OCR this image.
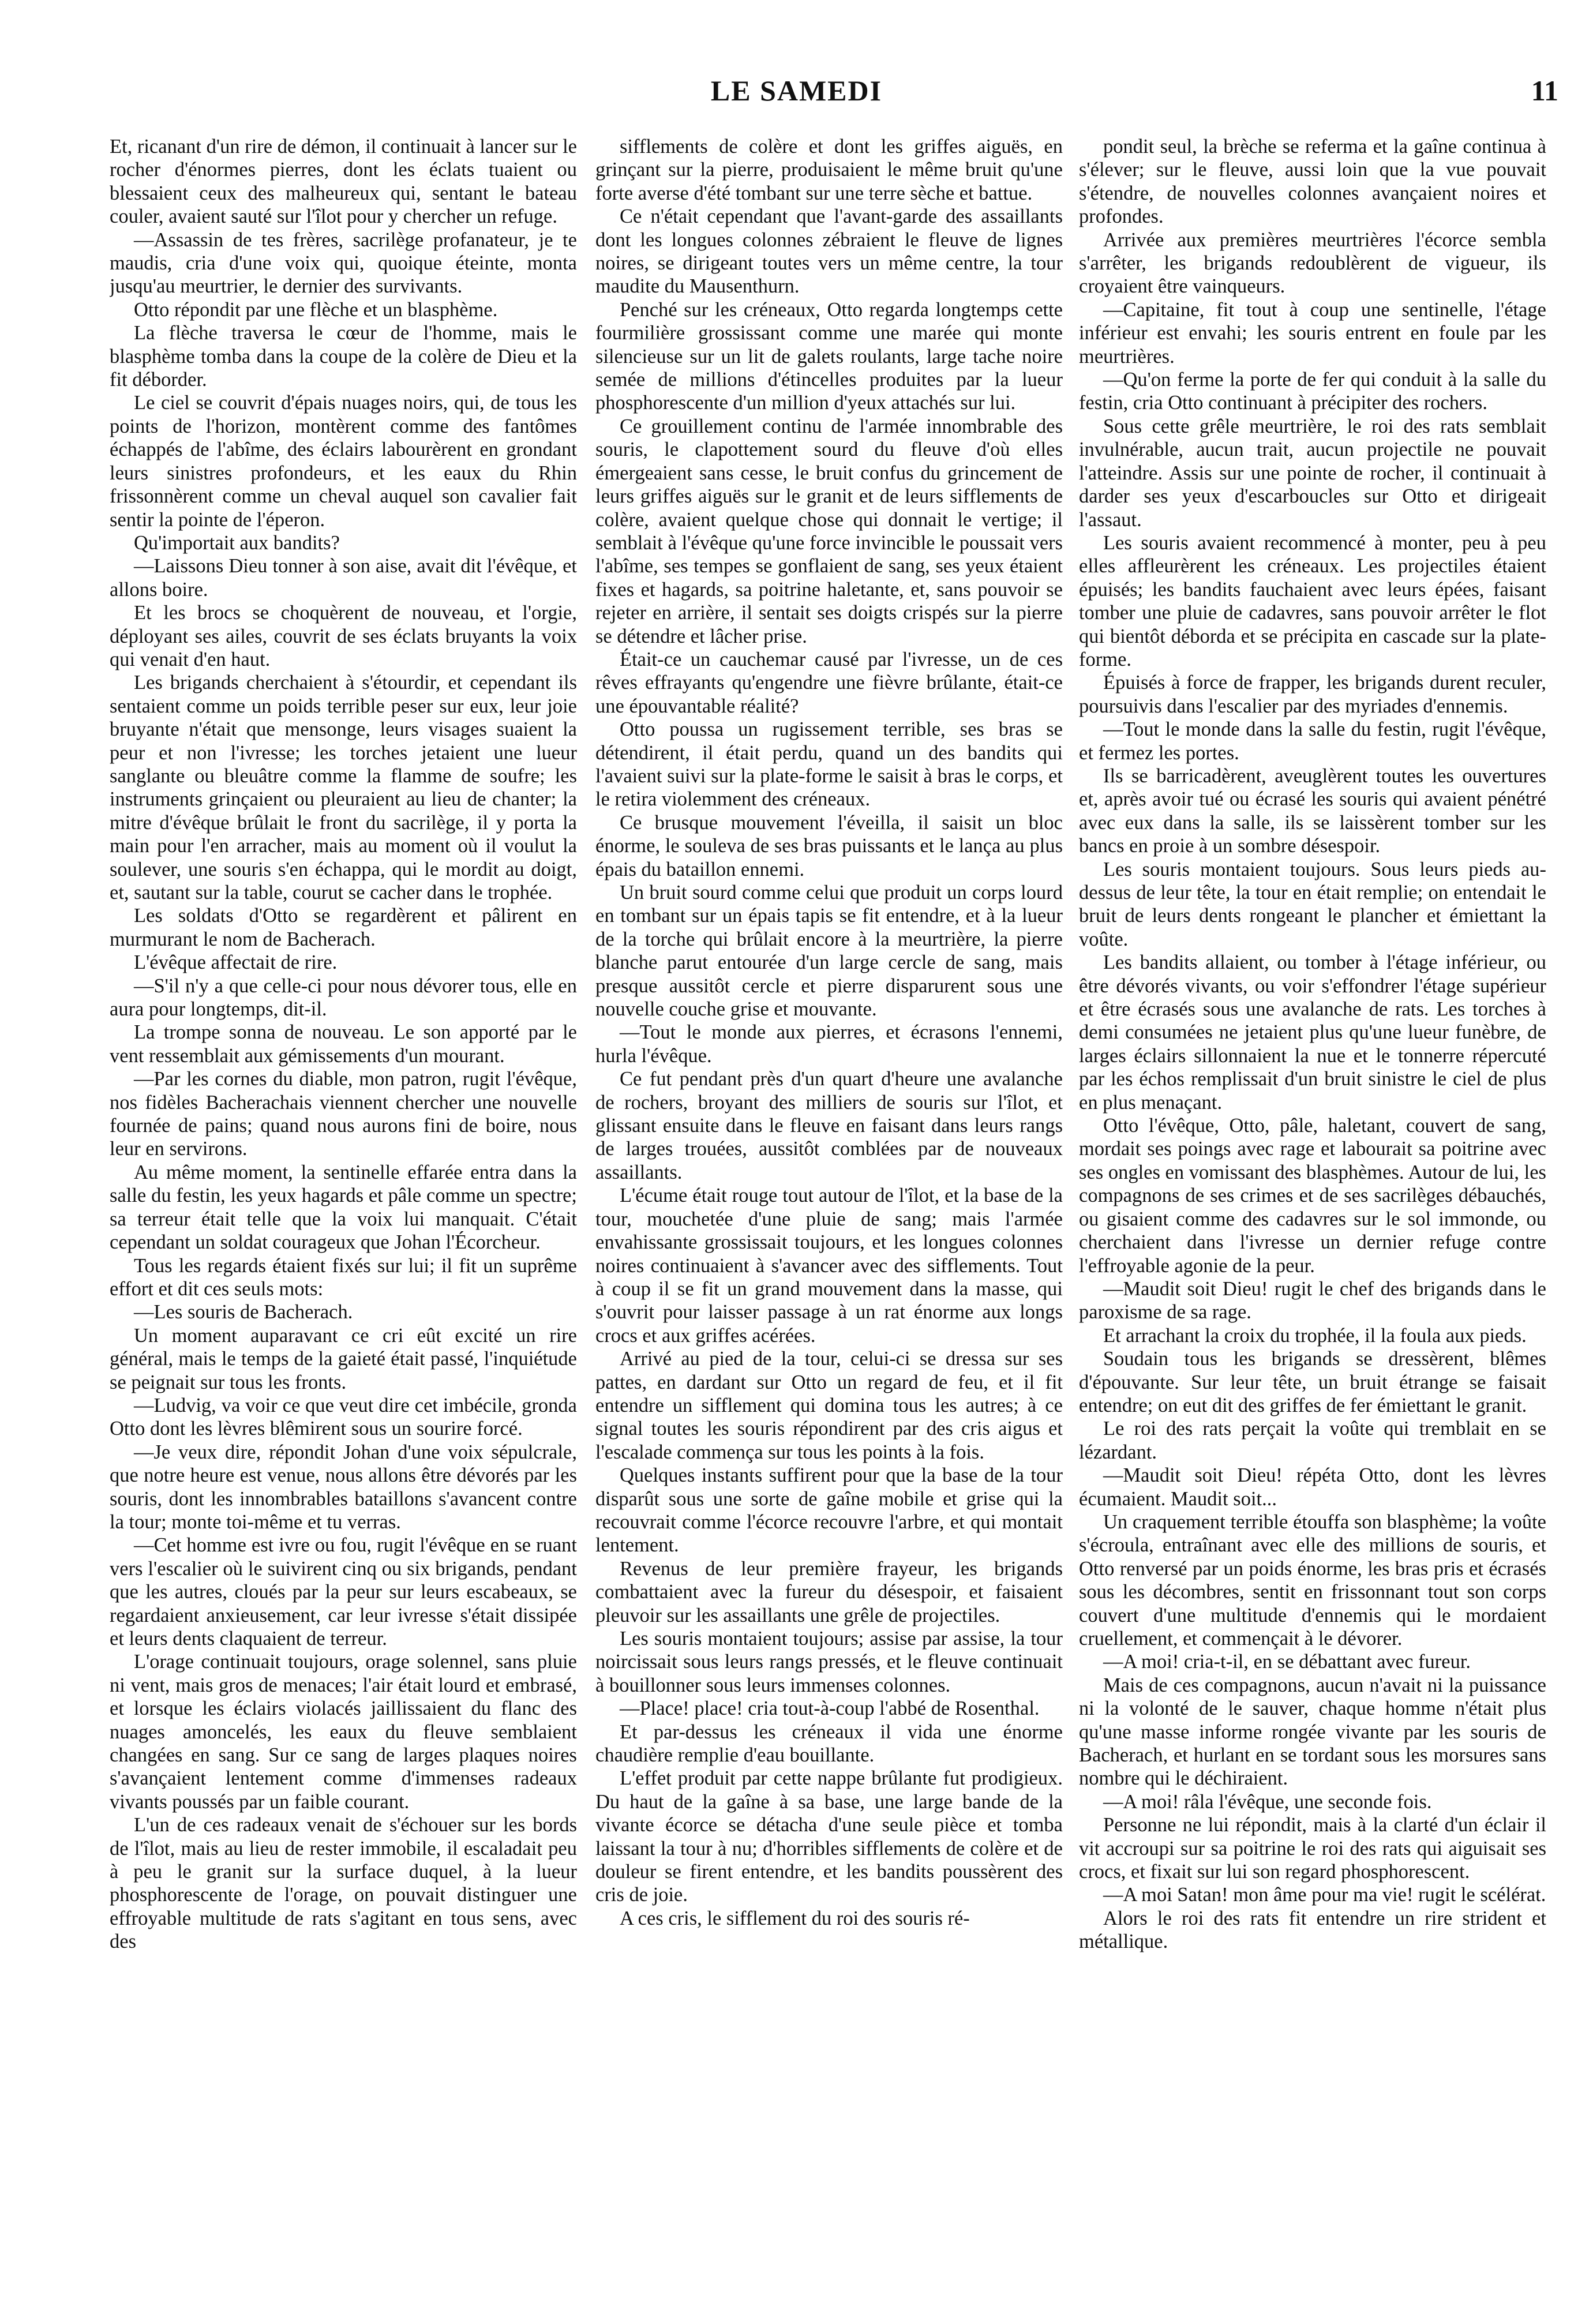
LE SAMEDI	11

Et, ricanant d'un rire de démon, il continuait à lancer sur le rocher d'énormes pierres, dont les éclats tuaient ou blessaient ceux des malheureux qui, sentant le bateau couler, avaient sauté sur l'îlot pour y chercher un refuge.

—Assassin de tes frères, sacrilège profanateur, je te maudis, cria d'une voix qui, quoique éteinte, monta jusqu'au meurtrier, le dernier des survivants.

Otto répondit par une flèche et un blasphème.

La flèche traversa le cœur de l'homme, mais le blasphème tomba dans la coupe de la colère de Dieu et la fit déborder.

Le ciel se couvrit d'épais nuages noirs, qui, de tous les points de l'horizon, montèrent comme des fantômes échappés de l'abîme, des éclairs labourèrent en grondant leurs sinistres profondeurs, et les eaux du Rhin frissonnèrent comme un cheval auquel son cavalier fait sentir la pointe de l'éperon.

Qu'importait aux bandits?

—Laissons Dieu tonner à son aise, avait dit l'évêque, et allons boire.

Et les brocs se choquèrent de nouveau, et l'orgie, déployant ses ailes, couvrit de ses éclats bruyants la voix qui venait d'en haut.

Les brigands cherchaient à s'étourdir, et cependant ils sentaient comme un poids terrible peser sur eux, leur joie bruyante n'était que mensonge, leurs visages suaient la peur et non l'ivresse; les torches jetaient une lueur sanglante ou bleuâtre comme la flamme de soufre; les instruments grinçaient ou pleuraient au lieu de chanter; la mitre d'évêque brûlait le front du sacrilège, il y porta la main pour l'en arracher, mais au moment où il voulut la soulever, une souris s'en échappa, qui le mordit au doigt, et, sautant sur la table, courut se cacher dans le trophée.

Les soldats d'Otto se regardèrent et pâlirent en murmurant le nom de Bacherach.

L'évêque affectait de rire.

—S'il n'y a que celle-ci pour nous dévorer tous, elle en aura pour longtemps, dit-il.

La trompe sonna de nouveau. Le son apporté par le vent ressemblait aux gémissements d'un mourant.

—Par les cornes du diable, mon patron, rugit l'évêque, nos fidèles Bacherachais viennent chercher une nouvelle fournée de pains; quand nous aurons fini de boire, nous leur en servirons.

Au même moment, la sentinelle effarée entra dans la salle du festin, les yeux hagards et pâle comme un spectre; sa terreur était telle que la voix lui manquait. C'était cependant un soldat courageux que Johan l'Écorcheur.

Tous les regards étaient fixés sur lui; il fit un suprême effort et dit ces seuls mots:

—Les souris de Bacherach.

Un moment auparavant ce cri eût excité un rire général, mais le temps de la gaieté était passé, l'inquiétude se peignait sur tous les fronts.

—Ludvig, va voir ce que veut dire cet imbécile, gronda Otto dont les lèvres blêmirent sous un sourire forcé.

—Je veux dire, répondit Johan d'une voix sépulcrale, que notre heure est venue, nous allons être dévorés par les souris, dont les innombrables bataillons s'avancent contre la tour; monte toi-même et tu verras.

—Cet homme est ivre ou fou, rugit l'évêque en se ruant vers l'escalier où le suivirent cinq ou six brigands, pendant que les autres, cloués par la peur sur leurs escabeaux, se regardaient anxieusement, car leur ivresse s'était dissipée et leurs dents claquaient de terreur.

L'orage continuait toujours, orage solennel, sans pluie ni vent, mais gros de menaces; l'air était lourd et embrasé, et lorsque les éclairs violacés jaillissaient du flanc des nuages amoncelés, les eaux du fleuve semblaient changées en sang. Sur ce sang de larges plaques noires s'avançaient lentement comme d'immenses radeaux vivants poussés par un faible courant.

L'un de ces radeaux venait de s'échouer sur les bords de l'îlot, mais au lieu de rester immobile, il escaladait peu à peu le granit sur la surface duquel, à la lueur phosphorescente de l'orage, on pouvait distinguer une effroyable multitude de rats s'agitant en tous sens, avec des

sifflements de colère et dont les griffes aiguës, en grinçant sur la pierre, produisaient le même bruit qu'une forte averse d'été tombant sur une terre sèche et battue.

Ce n'était cependant que l'avant-garde des assaillants dont les longues colonnes zébraient le fleuve de lignes noires, se dirigeant toutes vers un même centre, la tour maudite du Mausenthurn.

Penché sur les créneaux, Otto regarda longtemps cette fourmilière grossissant comme une marée qui monte silencieuse sur un lit de galets roulants, large tache noire semée de millions d'étincelles produites par la lueur phosphorescente d'un million d'yeux attachés sur lui.

Ce grouillement continu de l'armée innombrable des souris, le clapottement sourd du fleuve d'où elles émergeaient sans cesse, le bruit confus du grincement de leurs griffes aiguës sur le granit et de leurs sifflements de colère, avaient quelque chose qui donnait le vertige; il semblait à l'évêque qu'une force invincible le poussait vers l'abîme, ses tempes se gonflaient de sang, ses yeux étaient fixes et hagards, sa poitrine haletante, et, sans pouvoir se rejeter en arrière, il sentait ses doigts crispés sur la pierre se détendre et lâcher prise.

Était-ce un cauchemar causé par l'ivresse, un de ces rêves effrayants qu'engendre une fièvre brûlante, était-ce une épouvantable réalité?

Otto poussa un rugissement terrible, ses bras se détendirent, il était perdu, quand un des bandits qui l'avaient suivi sur la plate-forme le saisit à bras le corps, et le retira violemment des créneaux.

Ce brusque mouvement l'éveilla, il saisit un bloc énorme, le souleva de ses bras puissants et le lança au plus épais du bataillon ennemi.

Un bruit sourd comme celui que produit un corps lourd en tombant sur un épais tapis se fit entendre, et à la lueur de la torche qui brûlait encore à la meurtrière, la pierre blanche parut entourée d'un large cercle de sang, mais presque aussitôt cercle et pierre disparurent sous une nouvelle couche grise et mouvante.

—Tout le monde aux pierres, et écrasons l'ennemi, hurla l'évêque.

Ce fut pendant près d'un quart d'heure une avalanche de rochers, broyant des milliers de souris sur l'îlot, et glissant ensuite dans le fleuve en faisant dans leurs rangs de larges trouées, aussitôt comblées par de nouveaux assaillants.

L'écume était rouge tout autour de l'îlot, et la base de la tour, mouchetée d'une pluie de sang; mais l'armée envahissante grossissait toujours, et les longues colonnes noires continuaient à s'avancer avec des sifflements. Tout à coup il se fit un grand mouvement dans la masse, qui s'ouvrit pour laisser passage à un rat énorme aux longs crocs et aux griffes acérées.

Arrivé au pied de la tour, celui-ci se dressa sur ses pattes, en dardant sur Otto un regard de feu, et il fit entendre un sifflement qui domina tous les autres; à ce signal toutes les souris répondirent par des cris aigus et l'escalade commença sur tous les points à la fois.

Quelques instants suffirent pour que la base de la tour disparût sous une sorte de gaîne mobile et grise qui la recouvrait comme l'écorce recouvre l'arbre, et qui montait lentement.

Revenus de leur première frayeur, les brigands combattaient avec la fureur du désespoir, et faisaient pleuvoir sur les assaillants une grêle de projectiles.

Les souris montaient toujours; assise par assise, la tour noircissait sous leurs rangs pressés, et le fleuve continuait à bouillonner sous leurs immenses colonnes.

—Place! place! cria tout-à-coup l'abbé de Rosenthal.

Et par-dessus les créneaux il vida une énorme chaudière remplie d'eau bouillante.

L'effet produit par cette nappe brûlante fut prodigieux. Du haut de la gaîne à sa base, une large bande de la vivante écorce se détacha d'une seule pièce et tomba laissant la tour à nu; d'horribles sifflements de colère et de douleur se firent entendre, et les bandits poussèrent des cris de joie.

A ces cris, le sifflement du roi des souris ré-

pondit seul, la brèche se referma et la gaîne continua à s'élever; sur le fleuve, aussi loin que la vue pouvait s'étendre, de nouvelles colonnes avançaient noires et profondes.

Arrivée aux premières meurtrières l'écorce sembla s'arrêter, les brigands redoublèrent de vigueur, ils croyaient être vainqueurs.

—Capitaine, fit tout à coup une sentinelle, l'étage inférieur est envahi; les souris entrent en foule par les meurtrières.

—Qu'on ferme la porte de fer qui conduit à la salle du festin, cria Otto continuant à précipiter des rochers.

Sous cette grêle meurtrière, le roi des rats semblait invulnérable, aucun trait, aucun projectile ne pouvait l'atteindre. Assis sur une pointe de rocher, il continuait à darder ses yeux d'escarboucles sur Otto et dirigeait l'assaut.

Les souris avaient recommencé à monter, peu à peu elles affleurèrent les créneaux. Les projectiles étaient épuisés; les bandits fauchaient avec leurs épées, faisant tomber une pluie de cadavres, sans pouvoir arrêter le flot qui bientôt déborda et se précipita en cascade sur la plate-forme.

Épuisés à force de frapper, les brigands durent reculer, poursuivis dans l'escalier par des myriades d'ennemis.

—Tout le monde dans la salle du festin, rugit l'évêque, et fermez les portes.

Ils se barricadèrent, aveuglèrent toutes les ouvertures et, après avoir tué ou écrasé les souris qui avaient pénétré avec eux dans la salle, ils se laissèrent tomber sur les bancs en proie à un sombre désespoir.

Les souris montaient toujours. Sous leurs pieds au-dessus de leur tête, la tour en était remplie; on entendait le bruit de leurs dents rongeant le plancher et émiettant la voûte.

Les bandits allaient, ou tomber à l'étage inférieur, ou être dévorés vivants, ou voir s'effondrer l'étage supérieur et être écrasés sous une avalanche de rats. Les torches à demi consumées ne jetaient plus qu'une lueur funèbre, de larges éclairs sillonnaient la nue et le tonnerre répercuté par les échos remplissait d'un bruit sinistre le ciel de plus en plus menaçant.

Otto l'évêque, Otto, pâle, haletant, couvert de sang, mordait ses poings avec rage et labourait sa poitrine avec ses ongles en vomissant des blasphèmes. Autour de lui, les compagnons de ses crimes et de ses sacrilèges débauchés, ou gisaient comme des cadavres sur le sol immonde, ou cherchaient dans l'ivresse un dernier refuge contre l'effroyable agonie de la peur.

—Maudit soit Dieu! rugit le chef des brigands dans le paroxisme de sa rage.

Et arrachant la croix du trophée, il la foula aux pieds.

Soudain tous les brigands se dressèrent, blêmes d'épouvante. Sur leur tête, un bruit étrange se faisait entendre; on eut dit des griffes de fer émiettant le granit.

Le roi des rats perçait la voûte qui tremblait en se lézardant.

—Maudit soit Dieu! répéta Otto, dont les lèvres écumaient. Maudit soit...

Un craquement terrible étouffa son blasphème; la voûte s'écroula, entraînant avec elle des millions de souris, et Otto renversé par un poids énorme, les bras pris et écrasés sous les décombres, sentit en frissonnant tout son corps couvert d'une multitude d'ennemis qui le mordaient cruellement, et commençait à le dévorer.

—A moi! cria-t-il, en se débattant avec fureur.

Mais de ces compagnons, aucun n'avait ni la puissance ni la volonté de le sauver, chaque homme n'était plus qu'une masse informe rongée vivante par les souris de Bacherach, et hurlant en se tordant sous les morsures sans nombre qui le déchiraient.

—A moi! râla l'évêque, une seconde fois.

Personne ne lui répondit, mais à la clarté d'un éclair il vit accroupi sur sa poitrine le roi des rats qui aiguisait ses crocs, et fixait sur lui son regard phosphorescent.

—A moi Satan! mon âme pour ma vie! rugit le scélérat.

Alors le roi des rats fit entendre un rire strident et métallique.
